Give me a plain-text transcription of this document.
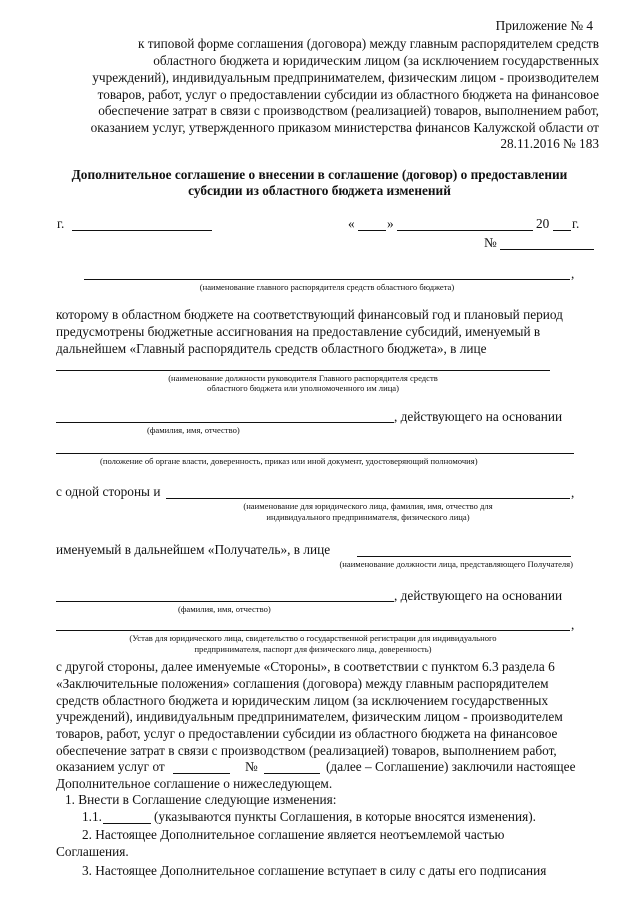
Приложение № 4
к типовой форме соглашения (договора) между главным распорядителем средств
областного бюджета и юридическим лицом (за исключением государственных
учреждений), индивидуальным предпринимателем, физическим лицом - производителем
товаров, работ, услуг о предоставлении субсидии из областного бюджета на финансовое
обеспечение затрат в связи с производством (реализацией) товаров, выполнением работ,
оказанием услуг, утвержденного приказом министерства финансов Калужской области от
28.11.2016 № 183
Дополнительное соглашение о внесении в соглашение (договор) о предоставлении
субсидии из областного бюджета изменений
г.	« »	20 г.
№
,
(наименование главного распорядителя средств областного бюджета)
которому в областном бюджете на соответствующий финансовый год и плановый период
предусмотрены бюджетные ассигнования на предоставление субсидий, именуемый в
дальнейшем «Главный распорядитель средств областного бюджета», в лице
(наименование должности руководителя Главного распорядителя средств
областного бюджета или уполномоченного им лица)
, действующего на основании
(фамилия, имя, отчество)
(положение об органе власти, доверенность, приказ или иной документ, удостоверяющий полномочия)
с одной стороны и	,
(наименование для юридического лица, фамилия, имя, отчество для
индивидуального предпринимателя, физического лица)
именуемый в дальнейшем «Получатель», в лице
(наименование должности лица, представляющего Получателя)
, действующего на основании
(фамилия, имя, отчество)
,
(Устав для юридического лица, свидетельство о государственной регистрации для индивидуального
предпринимателя, паспорт для физического лица, доверенность)
с другой стороны, далее именуемые «Стороны», в соответствии с пунктом 6.3 раздела 6
«Заключительные положения» соглашения (договора) между главным распорядителем
средств областного бюджета и юридическим лицом (за исключением государственных
учреждений), индивидуальным предпринимателем, физическим лицом - производителем
товаров, работ, услуг о предоставлении субсидии из областного бюджета на финансовое
обеспечение затрат в связи с производством (реализацией) товаров, выполнением работ,
оказанием услуг от	№	(далее – Соглашение) заключили настоящее
Дополнительное соглашение о нижеследующем.
1. Внести в Соглашение следующие изменения:
1.1.	(указываются пункты Соглашения, в которые вносятся изменения).
2. Настоящее Дополнительное соглашение является неотъемлемой частью
Соглашения.
3. Настоящее Дополнительное соглашение вступает в силу с даты его подписания
